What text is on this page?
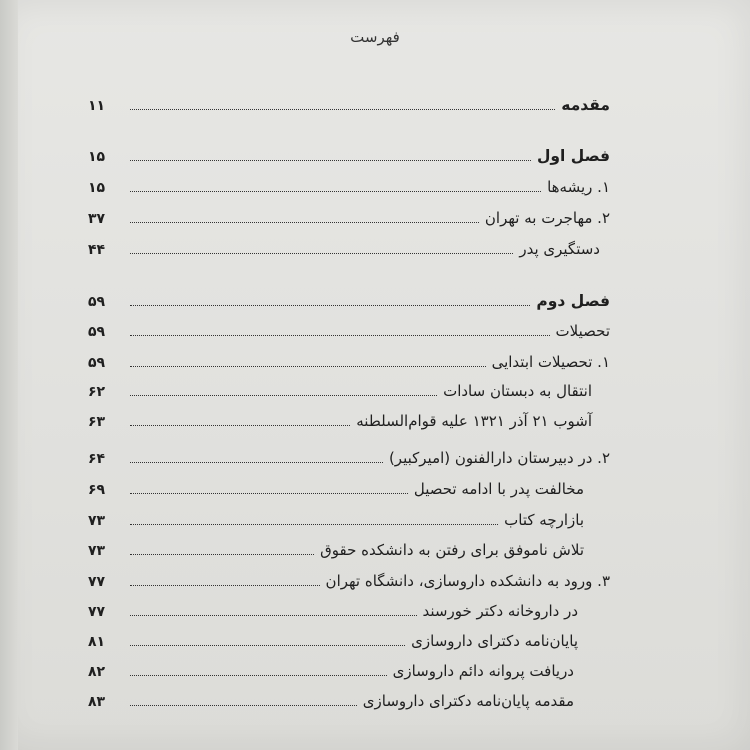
فهرست
مقدمه
۱۱
فصل اول
۱۵
۱. ریشه‌ها
۱۵
۲. مهاجرت به تهران
۳۷
دستگیری پدر
۴۴
فصل دوم
۵۹
تحصیلات
۵۹
۱. تحصیلات ابتدایی
۵۹
انتقال به دبستان سادات
۶۲
آشوب ۲۱ آذر ۱۳۲۱ علیه قوام‌السلطنه
۶۳
۲. در دبیرستان دارالفنون (امیرکبیر)
۶۴
مخالفت پدر با ادامه تحصیل
۶۹
بازارچه کتاب
۷۳
تلاش ناموفق برای رفتن به دانشکده حقوق
۷۳
۳. ورود به دانشکده داروسازی، دانشگاه تهران
۷۷
در داروخانه دکتر خورسند
۷۷
پایان‌نامه دکترای داروسازی
۸۱
دریافت پروانه دائم داروسازی
۸۲
مقدمه پایان‌نامه دکترای داروسازی
۸۳
